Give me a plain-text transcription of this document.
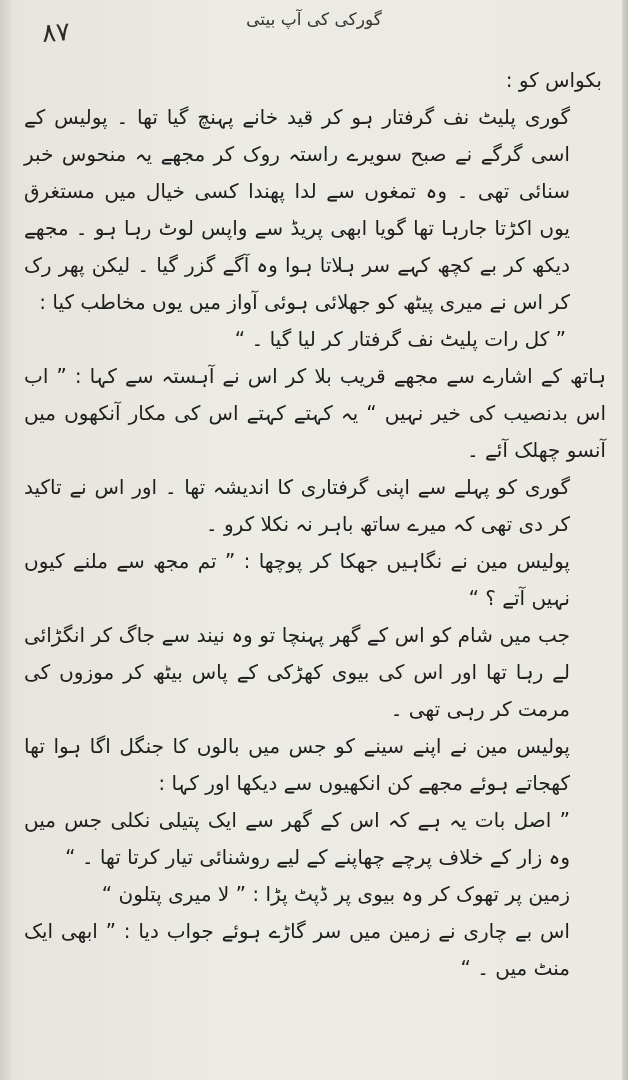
۸۷	گورکی کی آپ بیتی

بکواس کو :

گوری پلیٹ نف گرفتار ہو کر قید خانے پہنچ گیا تھا ۔ پولیس کے اسی گرگے نے صبح سویرے راستہ روک کر مجھے یہ منحوس خبر سنائی تھی ۔ وہ تمغوں سے لدا پھندا کسی خیال میں مستغرق یوں اکڑتا جارہا تھا گویا ابھی پریڈ سے واپس لوٹ رہا ہو ۔ مجھے دیکھ کر بے کچھ کہے سر ہلاتا ہوا وہ آگے گزر گیا ۔ لیکن پھر رک کر اس نے میری پیٹھ کو جھلائی ہوئی آواز میں یوں مخاطب کیا :

” کل رات پلیٹ نف گرفتار کر لیا گیا ۔ “

ہاتھ کے اشارے سے مجھے قریب بلا کر اس نے آہستہ سے کہا : ” اب اس بدنصیب کی خیر نہیں “ یہ کہتے کہتے اس کی مکار آنکھوں میں آنسو چھلک آئے ۔

گوری کو پہلے سے اپنی گرفتاری کا اندیشہ تھا ۔ اور اس نے تاکید کر دی تھی کہ میرے ساتھ باہر نہ نکلا کرو ۔

پولیس مین نے نگاہیں جھکا کر پوچھا : ” تم مجھ سے ملنے کیوں نہیں آتے ؟ “

جب میں شام کو اس کے گھر پہنچا تو وہ نیند سے جاگ کر انگڑائی لے رہا تھا اور اس کی بیوی کھڑکی کے پاس بیٹھ کر موزوں کی مرمت کر رہی تھی ۔

پولیس مین نے اپنے سینے کو جس میں بالوں کا جنگل اگا ہوا تھا کھجاتے ہوئے مجھے کن انکھیوں سے دیکھا اور کہا :

” اصل بات یہ ہے کہ اس کے گھر سے ایک پتیلی نکلی جس میں وہ زار کے خلاف پرچے چھاپنے کے لیے روشنائی تیار کرتا تھا ۔ “

زمین پر تھوک کر وہ بیوی پر ڈپٹ پڑا : ” لا میری پتلون “

اس بے چاری نے زمین میں سر گاڑے ہوئے جواب دیا : ” ابھی ایک منٹ میں ۔ “
